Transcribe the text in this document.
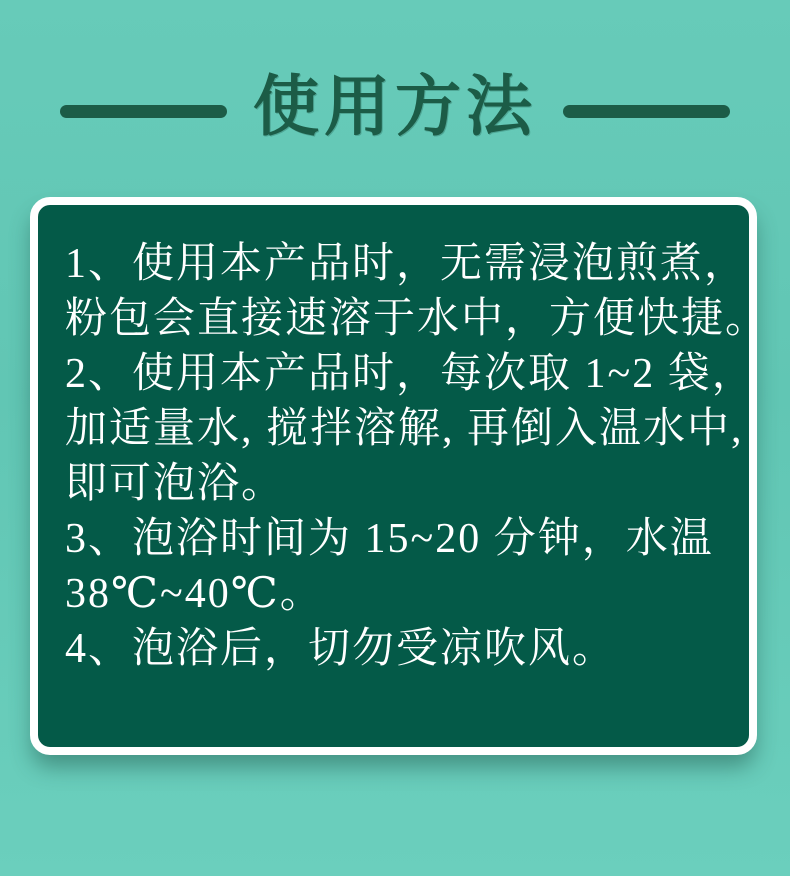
使用方法
1、使用本产品时，无需浸泡煎煮，
粉包会直接速溶于水中，方便快捷。
2、使用本产品时，每次取 1~2 袋，
加适量水, 搅拌溶解, 再倒入温水中,
即可泡浴。
3、泡浴时间为 15~20 分钟，水温
38℃~40℃。
4、泡浴后，切勿受凉吹风。
